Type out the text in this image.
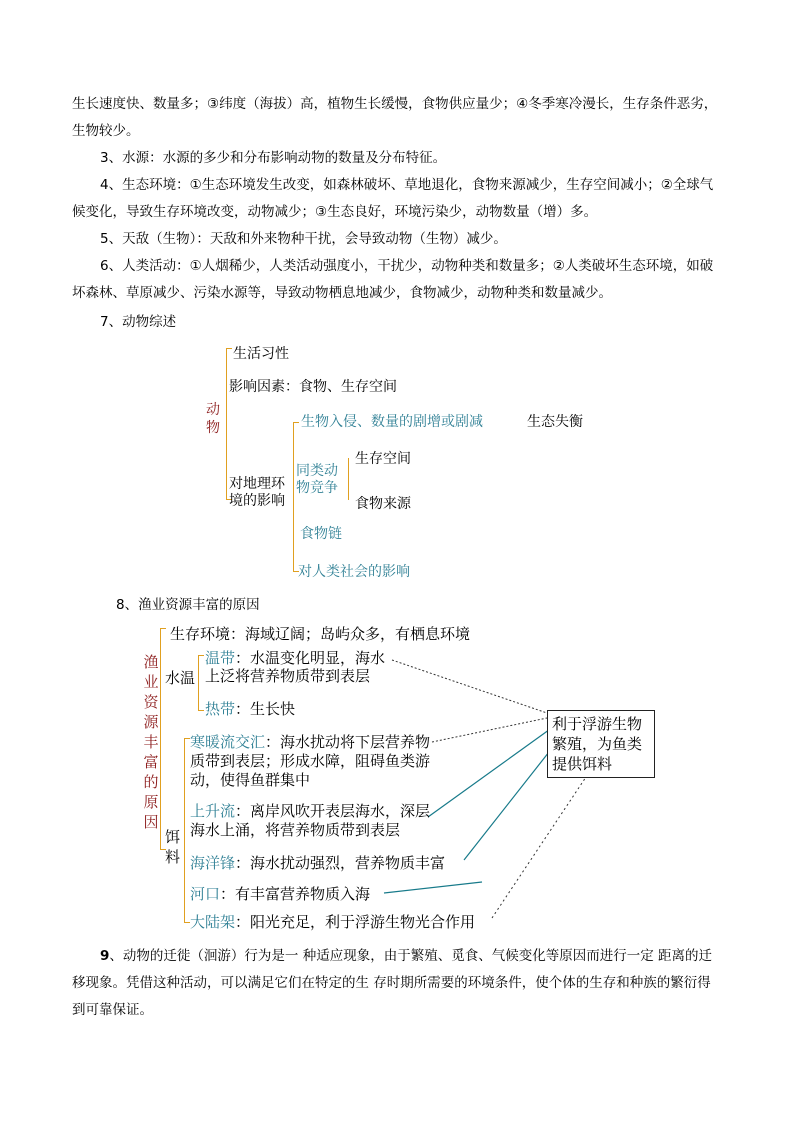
生长速度快、数量多；③纬度（海拔）高，植物生长缓慢，食物供应量少；④冬季寒冷漫长，生存条件恶劣，生物较少。

3、水源：水源的多少和分布影响动物的数量及分布特征。

4、生态环境：①生态环境发生改变，如森林破坏、草地退化，食物来源减少，生存空间减小；②全球气候变化，导致生存环境改变，动物减少；③生态良好，环境污染少，动物数量（增）多。

5、天敌（生物）：天敌和外来物种干扰，会导致动物（生物）减少。

6、人类活动：①人烟稀少，人类活动强度小，干扰少，动物种类和数量多；②人类破坏生态环境，如破坏森林、草原减少、污染水源等，导致动物栖息地减少，食物减少，动物种类和数量减少。

7、动物综述

动物
生活习性
影响因素：食物、生存空间
对地理环境的影响
生物入侵、数量的剧增或剧减	生态失衡
同类动物竞争
生存空间
食物来源
食物链
对人类社会的影响

8、渔业资源丰富的原因

渔业资源丰富的原因
生存环境：海域辽阔；岛屿众多，有栖息环境
水温
温带：水温变化明显，海水上泛将营养物质带到表层
热带：生长快
饵料
寒暖流交汇：海水扰动将下层营养物质带到表层；形成水障，阻碍鱼类游动，使得鱼群集中
上升流：离岸风吹开表层海水，深层海水上涌，将营养物质带到表层
海洋锋：海水扰动强烈，营养物质丰富
河口：有丰富营养物质入海
大陆架：阳光充足，利于浮游生物光合作用
利于浮游生物繁殖，为鱼类提供饵料

9、动物的迁徙（洄游）行为是一 种适应现象，由于繁殖、觅食、气候变化等原因而进行一定 距离的迁移现象。凭借这种活动，可以满足它们在特定的生 存时期所需要的环境条件，使个体的生存和种族的繁衍得到可靠保证。
